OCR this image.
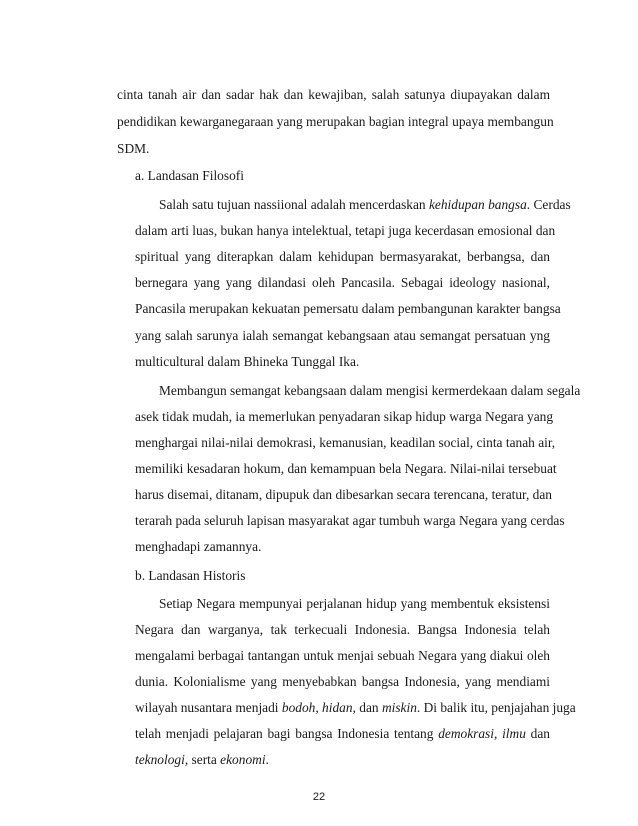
cinta tanah air dan sadar hak dan kewajiban, salah satunya diupayakan dalam
pendidikan kewarganegaraan yang merupakan bagian integral upaya membangun
SDM.
a. Landasan Filosofi
Salah satu tujuan nassiional adalah mencerdaskan kehidupan bangsa. Cerdas
dalam arti luas, bukan hanya intelektual, tetapi juga kecerdasan emosional dan
spiritual yang diterapkan dalam kehidupan bermasyarakat, berbangsa, dan
bernegara yang yang dilandasi oleh Pancasila. Sebagai ideology nasional,
Pancasila merupakan kekuatan pemersatu dalam pembangunan karakter bangsa
yang salah sarunya ialah semangat kebangsaan atau semangat persatuan yng
multicultural dalam Bhineka Tunggal Ika.
Membangun semangat kebangsaan dalam mengisi kermerdekaan dalam segala
asek tidak mudah, ia memerlukan penyadaran sikap hidup warga Negara yang
menghargai nilai-nilai demokrasi, kemanusian, keadilan social, cinta tanah air,
memiliki kesadaran hokum, dan kemampuan bela Negara. Nilai-nilai tersebuat
harus disemai, ditanam, dipupuk dan dibesarkan secara terencana, teratur, dan
terarah pada seluruh lapisan masyarakat agar tumbuh warga Negara yang cerdas
menghadapi zamannya.
b. Landasan Historis
Setiap Negara mempunyai perjalanan hidup yang membentuk eksistensi
Negara dan warganya, tak terkecuali Indonesia. Bangsa Indonesia telah
mengalami berbagai tantangan untuk menjai sebuah Negara yang diakui oleh
dunia. Kolonialisme yang menyebabkan bangsa Indonesia, yang mendiami
wilayah nusantara menjadi bodoh, hidan, dan miskin. Di balik itu, penjajahan juga
telah menjadi pelajaran bagi bangsa Indonesia tentang demokrasi, ilmu dan
teknologi, serta ekonomi.
22
